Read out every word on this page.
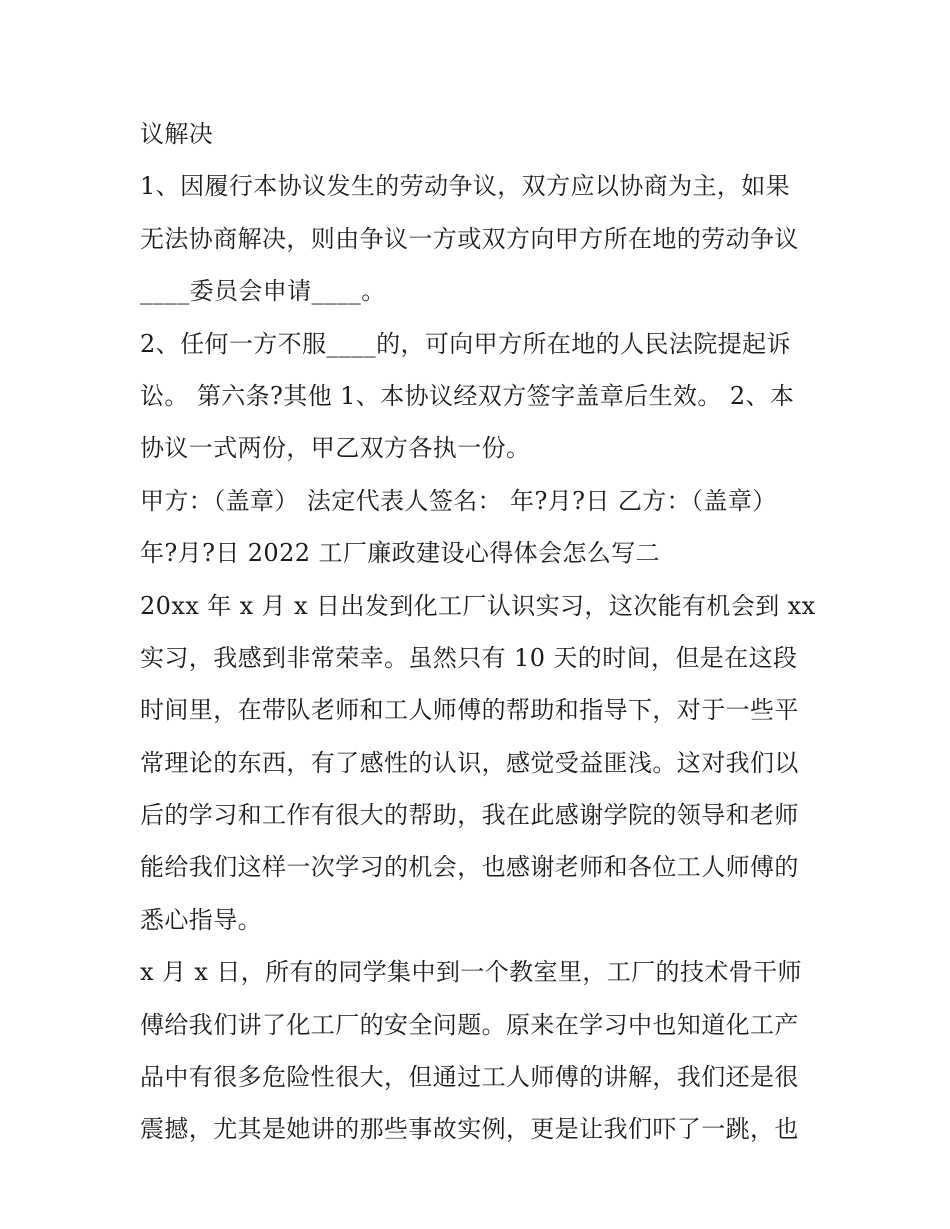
议解决
1、因履行本协议发生的劳动争议，双方应以协商为主，如果
无法协商解决，则由争议一方或双方向甲方所在地的劳动争议
____委员会申请____。
2、任何一方不服____的，可向甲方所在地的人民法院提起诉
讼。 第六条?其他 1、本协议经双方签字盖章后生效。 2、本
协议一式两份，甲乙双方各执一份。
甲方：（盖章） 法定代表人签名： 年?月?日 乙方：（盖章）
年?月?日 2022 工厂廉政建设心得体会怎么写二
20xx 年 x 月 x 日出发到化工厂认识实习，这次能有机会到 xx
实习，我感到非常荣幸。虽然只有 10 天的时间，但是在这段
时间里，在带队老师和工人师傅的帮助和指导下，对于一些平
常理论的东西，有了感性的认识，感觉受益匪浅。这对我们以
后的学习和工作有很大的帮助，我在此感谢学院的领导和老师
能给我们这样一次学习的机会，也感谢老师和各位工人师傅的
悉心指导。
x 月 x 日，所有的同学集中到一个教室里，工厂的技术骨干师
傅给我们讲了化工厂的安全问题。原来在学习中也知道化工产
品中有很多危险性很大，但通过工人师傅的讲解，我们还是很
震撼，尤其是她讲的那些事故实例，更是让我们吓了一跳，也
